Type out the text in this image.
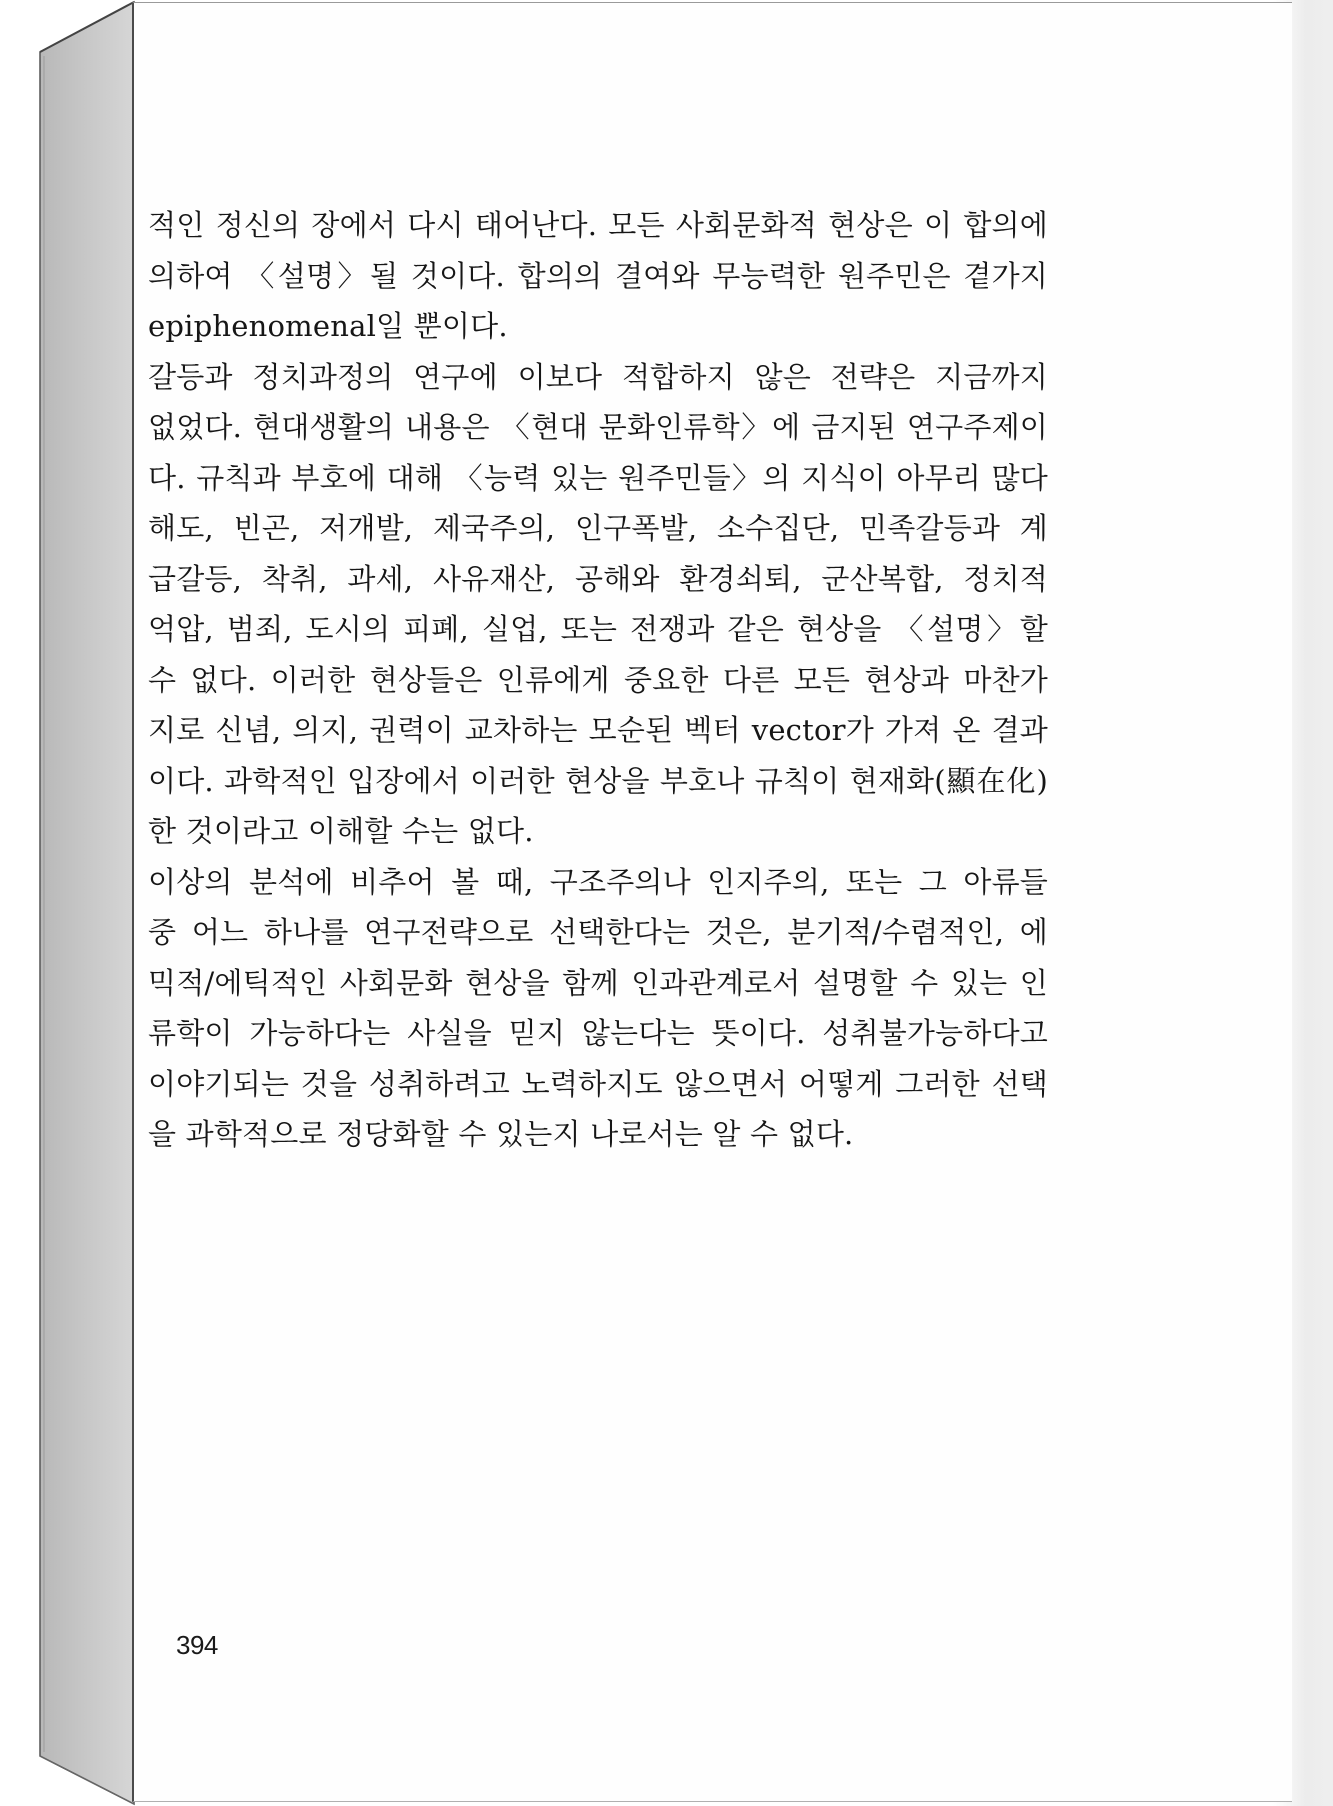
적인 정신의 장에서 다시 태어난다. 모든 사회문화적 현상은 이 합의에
의하여 〈설명〉될 것이다. 합의의 결여와 무능력한 원주민은 곁가지
epiphenomenal일 뿐이다.
갈등과 정치과정의 연구에 이보다 적합하지 않은 전략은 지금까지
없었다. 현대생활의 내용은 〈현대 문화인류학〉에 금지된 연구주제이
다. 규칙과 부호에 대해 〈능력 있는 원주민들〉의 지식이 아무리 많다
해도, 빈곤, 저개발, 제국주의, 인구폭발, 소수집단, 민족갈등과 계
급갈등, 착취, 과세, 사유재산, 공해와 환경쇠퇴, 군산복합, 정치적
억압, 범죄, 도시의 피폐, 실업, 또는 전쟁과 같은 현상을 〈설명〉할
수 없다. 이러한 현상들은 인류에게 중요한 다른 모든 현상과 마찬가
지로 신념, 의지, 권력이 교차하는 모순된 벡터 vector가 가져 온 결과
이다. 과학적인 입장에서 이러한 현상을 부호나 규칙이 현재화(顯在化)
한 것이라고 이해할 수는 없다.
이상의 분석에 비추어 볼 때, 구조주의나 인지주의, 또는 그 아류들
중 어느 하나를 연구전략으로 선택한다는 것은, 분기적/수렴적인, 에
믹적/에틱적인 사회문화 현상을 함께 인과관계로서 설명할 수 있는 인
류학이 가능하다는 사실을 믿지 않는다는 뜻이다. 성취불가능하다고
이야기되는 것을 성취하려고 노력하지도 않으면서 어떻게 그러한 선택
을 과학적으로 정당화할 수 있는지 나로서는 알 수 없다.
394
